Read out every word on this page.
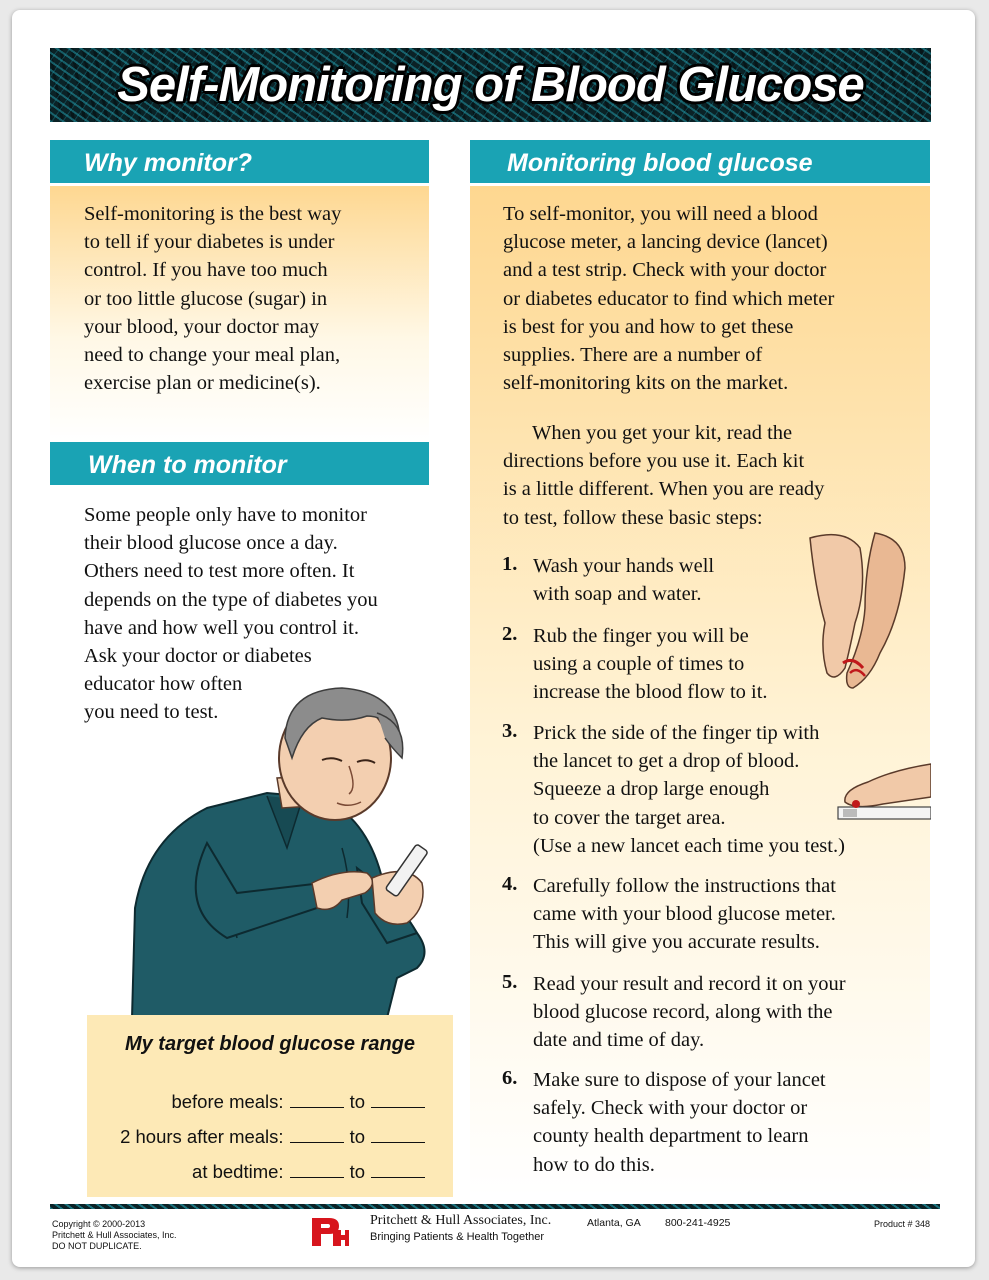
Self-Monitoring of Blood Glucose
Why monitor?
Self-monitoring is the best way
to tell if your diabetes is under
control. If you have too much
or too little glucose (sugar) in
your blood, your doctor may
need to change your meal plan,
exercise plan or medicine(s).
When to monitor
Some people only have to monitor
their blood glucose once a day.
Others need to test more often. It
depends on the type of diabetes you
have and how well you control it.
Ask your doctor or diabetes
educator how often
you need to test.
My target blood glucose range
before meals:	to
2 hours after meals:	to
at bedtime:	to
Monitoring blood glucose
To self-monitor, you will need a blood
glucose meter, a lancing device (lancet)
and a test strip. Check with your doctor
or diabetes educator to find which meter
is best for you and how to get these
supplies. There are a number of
self-monitoring kits on the market.
When you get your kit, read the
directions before you use it. Each kit
is a little different. When you are ready
to test, follow these basic steps:
1. Wash your hands well
with soap and water.
2. Rub the finger you will be
using a couple of times to
increase the blood flow to it.
3. Prick the side of the finger tip with
the lancet to get a drop of blood.
Squeeze a drop large enough
to cover the target area.
(Use a new lancet each time you test.)
4. Carefully follow the instructions that
came with your blood glucose meter.
This will give you accurate results.
5. Read your result and record it on your
blood glucose record, along with the
date and time of day.
6. Make sure to dispose of your lancet
safely. Check with your doctor or
county health department to learn
how to do this.
Copyright © 2000-2013
Pritchett & Hull Associates, Inc.
DO NOT DUPLICATE.
Pritchett & Hull Associates, Inc.
Bringing Patients & Health Together
Atlanta, GA 800-241-4925	Product # 348
